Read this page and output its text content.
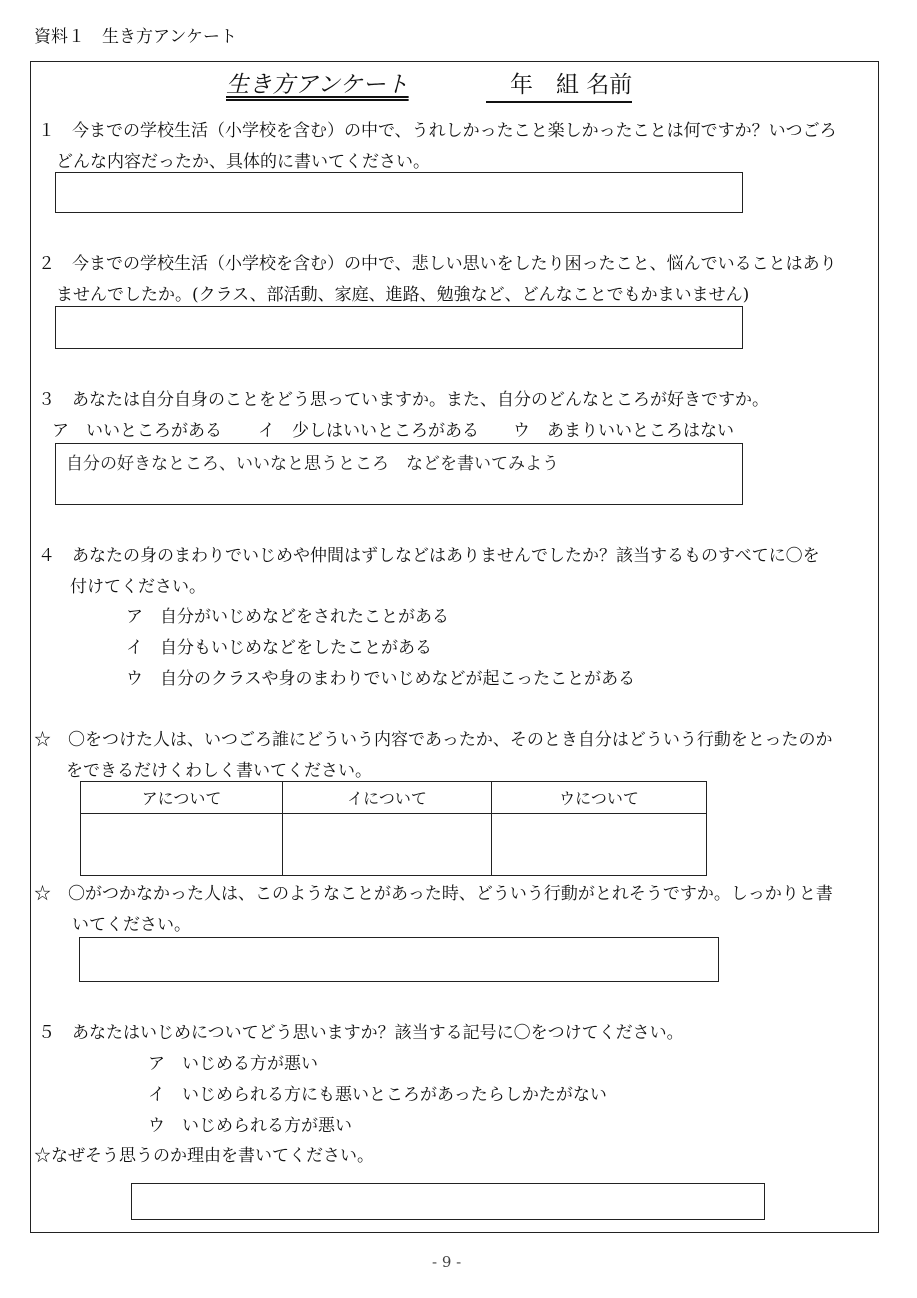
資料１　生き方アンケート
生き方アンケート	年　組 名前
１　今までの学校生活（小学校を含む）の中で、うれしかったこと楽しかったことは何ですか？いつごろ
どんな内容だったか、具体的に書いてください。
２　今までの学校生活（小学校を含む）の中で、悲しい思いをしたり困ったこと、悩んでいることはあり
ませんでしたか。(クラス、部活動、家庭、進路、勉強など、どんなことでもかまいません)
３　あなたは自分自身のことをどう思っていますか。また、自分のどんなところが好きですか。
ア　いいところがある イ　少しはいいところがある ウ　あまりいいところはない
自分の好きなところ、いいなと思うところ　などを書いてみよう
４　あなたの身のまわりでいじめや仲間はずしなどはありませんでしたか？該当するものすべてに〇を
付けてください。
ア　自分がいじめなどをされたことがある
イ　自分もいじめなどをしたことがある
ウ　自分のクラスや身のまわりでいじめなどが起こったことがある
☆　〇をつけた人は、いつごろ誰にどういう内容であったか、そのとき自分はどういう行動をとったのか
をできるだけくわしく書いてください。
アについて	イについて	ウについて

☆　〇がつかなかった人は、このようなことがあった時、どういう行動がとれそうですか。しっかりと書
いてください。
５　あなたはいじめについてどう思いますか？該当する記号に〇をつけてください。
ア　いじめる方が悪い
イ　いじめられる方にも悪いところがあったらしかたがない
ウ　いじめられる方が悪い
☆なぜそう思うのか理由を書いてください。
- 9 -
